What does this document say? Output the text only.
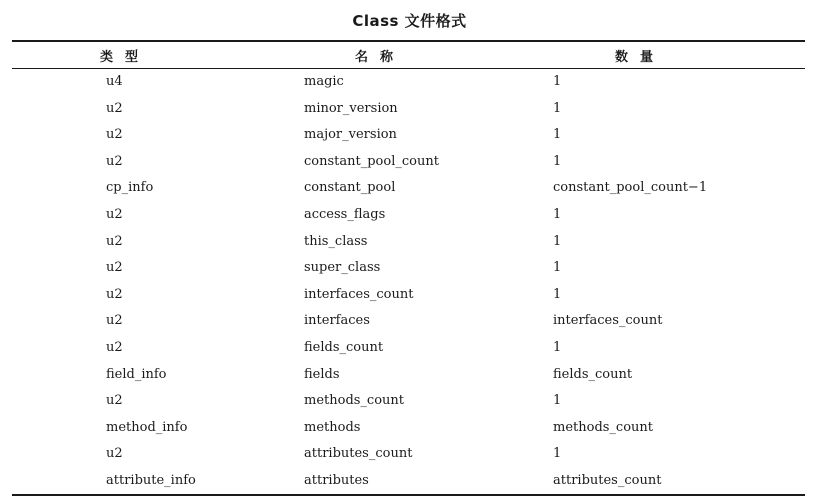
Class 文件格式
类型	名称	数量
u4	magic	1
u2	minor_version	1
u2	major_version	1
u2	constant_pool_count	1
cp_info	constant_pool	constant_pool_count−1
u2	access_flags	1
u2	this_class	1
u2	super_class	1
u2	interfaces_count	1
u2	interfaces	interfaces_count
u2	fields_count	1
field_info	fields	fields_count
u2	methods_count	1
method_info	methods	methods_count
u2	attributes_count	1
attribute_info	attributes	attributes_count
